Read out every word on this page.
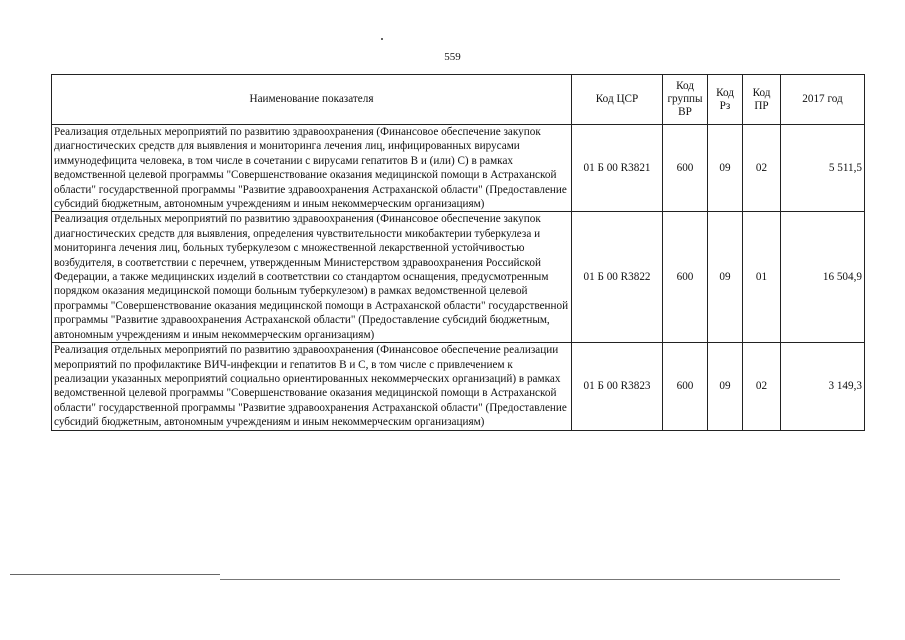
559
Наименование показателя	Код ЦСР	Код группы ВР	Код Рз	Код ПР	2017 год
Реализация отдельных мероприятий по развитию здравоохранения (Финансовое обеспечение закупок диагностических средств для выявления и мониторинга лечения лиц, инфицированных вирусами иммунодефицита человека, в том числе в сочетании с вирусами гепатитов В и (или) С) в рамках ведомственной целевой программы "Совершенствование оказания медицинской помощи в Астраханской области" государственной программы "Развитие здравоохранения Астраханской области" (Предоставление субсидий бюджетным, автономным учреждениям и иным некоммерческим организациям)	01 Б 00 R3821	600	09	02	5 511,5
Реализация отдельных мероприятий по развитию здравоохранения (Финансовое обеспечение закупок диагностических средств для выявления, определения чувствительности микобактерии туберкулеза и мониторинга лечения лиц, больных туберкулезом с множественной лекарственной устойчивостью возбудителя, в соответствии с перечнем, утвержденным Министерством здравоохранения Российской Федерации, а также медицинских изделий в соответствии со стандартом оснащения, предусмотренным порядком оказания медицинской помощи больным туберкулезом) в рамках ведомственной целевой программы "Совершенствование оказания медицинской помощи в Астраханской области" государственной программы "Развитие здравоохранения Астраханской области" (Предоставление субсидий бюджетным, автономным учреждениям и иным некоммерческим организациям)	01 Б 00 R3822	600	09	01	16 504,9
Реализация отдельных мероприятий по развитию здравоохранения (Финансовое обеспечение реализации мероприятий по профилактике ВИЧ-инфекции и гепатитов В и С, в том числе с привлечением к реализации указанных мероприятий социально ориентированных некоммерческих организаций) в рамках ведомственной целевой программы "Совершенствование оказания медицинской помощи в Астраханской области" государственной программы "Развитие здравоохранения Астраханской области" (Предоставление субсидий бюджетным, автономным учреждениям и иным некоммерческим организациям)	01 Б 00 R3823	600	09	02	3 149,3
